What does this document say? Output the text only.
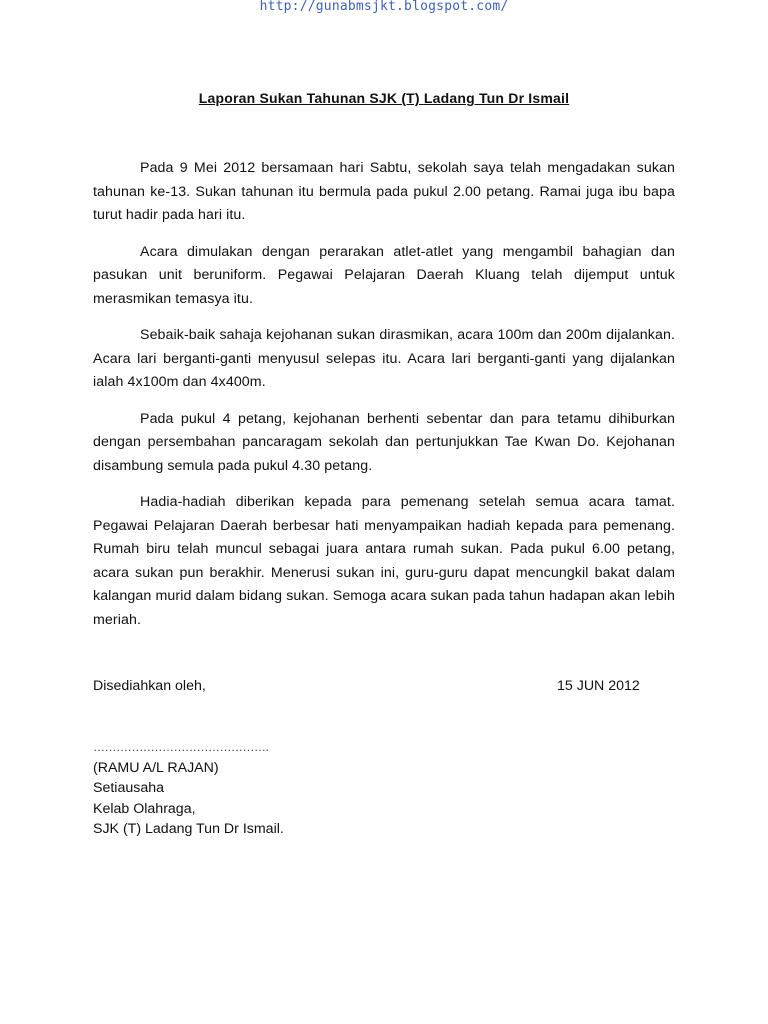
http://gunabmsjkt.blogspot.com/
Laporan Sukan Tahunan SJK (T) Ladang Tun Dr Ismail

Pada 9 Mei 2012 bersamaan hari Sabtu, sekolah saya telah mengadakan sukan tahunan ke-13. Sukan tahunan itu bermula pada pukul 2.00 petang. Ramai juga ibu bapa turut hadir pada hari itu.

Acara dimulakan dengan perarakan atlet-atlet yang mengambil bahagian dan pasukan unit beruniform. Pegawai Pelajaran Daerah Kluang telah dijemput untuk merasmikan temasya itu.

Sebaik-baik sahaja kejohanan sukan dirasmikan, acara 100m dan 200m dijalankan. Acara lari berganti-ganti menyusul selepas itu. Acara lari berganti-ganti yang dijalankan ialah 4x100m dan 4x400m.

Pada pukul 4 petang, kejohanan berhenti sebentar dan para tetamu dihiburkan dengan persembahan pancaragam sekolah dan pertunjukkan Tae Kwan Do. Kejohanan disambung semula pada pukul 4.30 petang.

Hadia-hadiah diberikan kepada para pemenang setelah semua acara tamat. Pegawai Pelajaran Daerah berbesar hati menyampaikan hadiah kepada para pemenang. Rumah biru telah muncul sebagai juara antara rumah sukan. Pada pukul 6.00 petang, acara sukan pun berakhir. Menerusi sukan ini, guru-guru dapat mencungkil bakat dalam kalangan murid dalam bidang sukan. Semoga acara sukan pada tahun hadapan akan lebih meriah.

Disediahkan oleh,	15 JUN 2012
……………………………………….
(RAMU A/L RAJAN)
Setiausaha
Kelab Olahraga,
SJK (T) Ladang Tun Dr Ismail.
